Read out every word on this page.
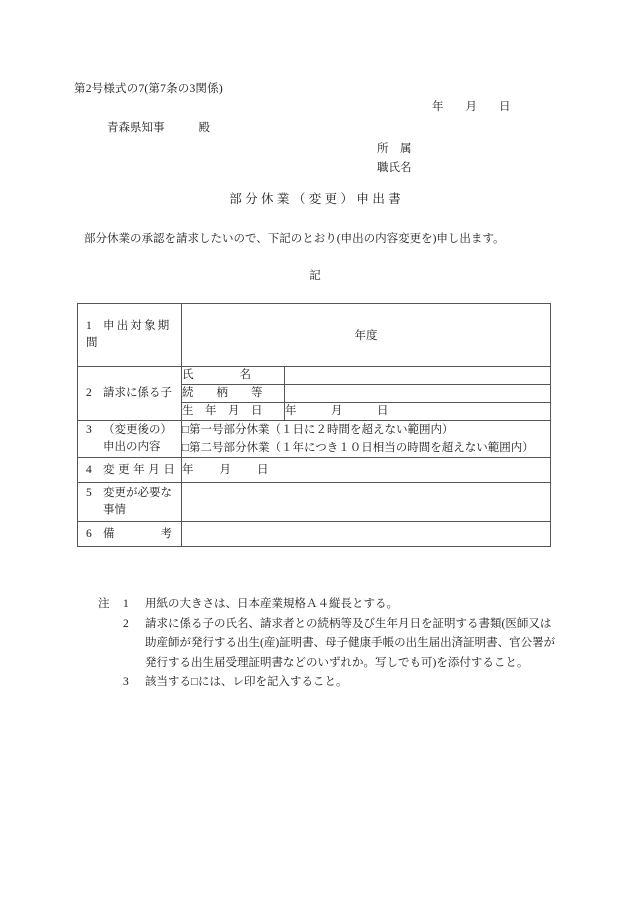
第2号様式の7(第7条の3関係)
年 月 日
青森県知事	殿
所　属
職氏名
部分休業（変更）申出書
部分休業の承認を請求したいので、下記のとおり(申出の内容変更を)申し出ます。
記
1 申出対象期間	年度	

2 請求に係る子	氏　　　　名	
	続　　柄　　等	
	生　年　月　日	年　　　月　　　日

3 （変更後の）
申出の内容

□第一号部分休業（１日に２時間を超えない範囲内）
□第二号部分休業（１年につき１０日相当の時間を超えない範囲内）

4 変更年月日	年 月 日	

5 変更が必要な
事情		

6 備　　　　考		

注 1 用紙の大きさは、日本産業規格Ａ４縦長とする。
2 請求に係る子の氏名、請求者との続柄等及び生年月日を証明する書類(医師又は
助産師が発行する出生(産)証明書、母子健康手帳の出生届出済証明書、官公署が
発行する出生届受理証明書などのいずれか。写しでも可)を添付すること。
3 該当する□には、レ印を記入すること。
